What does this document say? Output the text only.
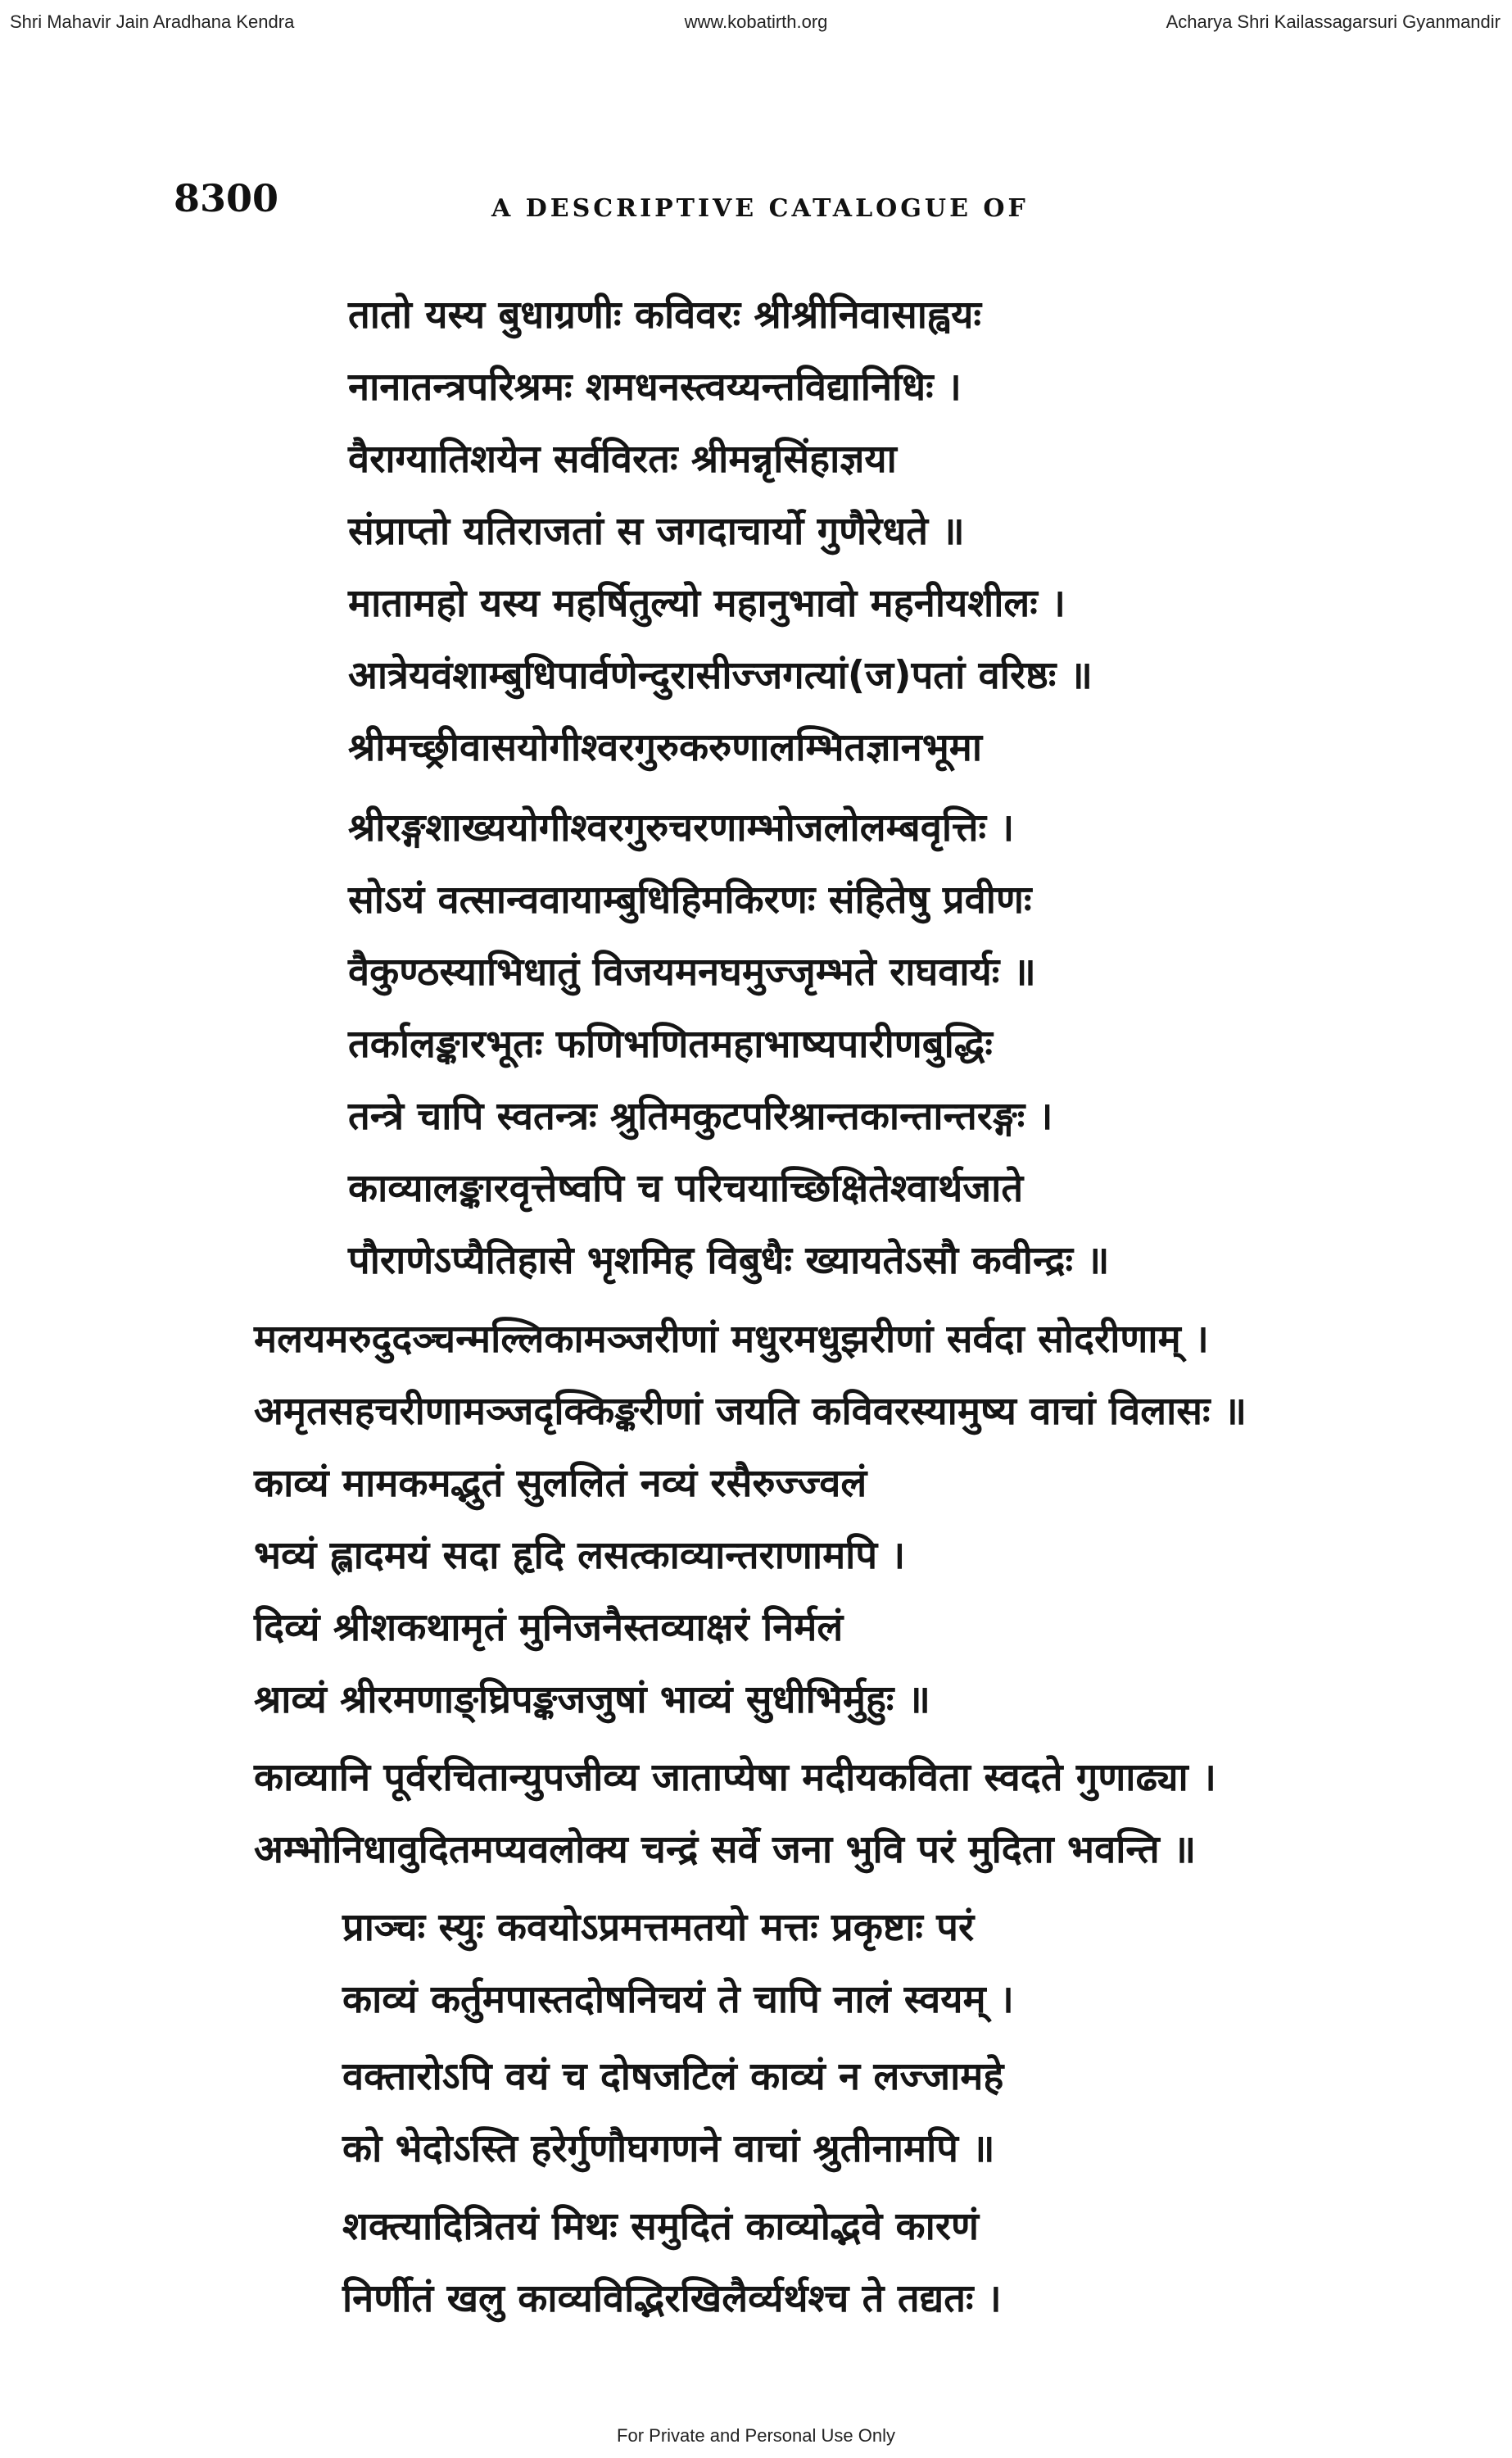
Shri Mahavir Jain Aradhana Kendra	www.kobatirth.org	Acharya Shri Kailassagarsuri Gyanmandir
8300	A DESCRIPTIVE CATALOGUE OF
तातो यस्य बुधाग्रणीः कविवरः श्रीश्रीनिवासाह्वयः
नानातन्त्रपरिश्रमः शमधनस्त्वय्यन्तविद्यानिधिः ।
वैराग्यातिशयेन सर्वविरतः श्रीमन्नृसिंहाज्ञया
संप्राप्तो यतिराजतां स जगदाचार्यो गुणैरेधते ॥
मातामहो यस्य महर्षितुल्यो महानुभावो महनीयशीलः ।
आत्रेयवंशाम्बुधिपार्वणेन्दुरासीज्जगत्यां(ज)पतां वरिष्ठः ॥
श्रीमच्छ्रीवासयोगीश्वरगुरुकरुणालम्भितज्ञानभूमा
श्रीरङ्गशाख्ययोगीश्वरगुरुचरणाम्भोजलोलम्बवृत्तिः ।
सोऽयं वत्सान्ववायाम्बुधिहिमकिरणः संहितेषु प्रवीणः
वैकुण्ठस्याभिधातुं विजयमनघमुज्जृम्भते राघवार्यः ॥
तर्कालङ्कारभूतः फणिभणितमहाभाष्यपारीणबुद्धिः
तन्त्रे चापि स्वतन्त्रः श्रुतिमकुटपरिश्रान्तकान्तान्तरङ्गः ।
काव्यालङ्कारवृत्तेष्वपि च परिचयाच्छिक्षितेश्वार्थजाते
पौराणेऽप्यैतिहासे भृशमिह विबुधैः ख्यायतेऽसौ कवीन्द्रः ॥
मलयमरुदुदञ्चन्मल्लिकामञ्जरीणां मधुरमधुझरीणां सर्वदा सोदरीणाम् ।
अमृतसहचरीणामञ्जदृक्किङ्करीणां जयति कविवरस्यामुष्य वाचां विलासः ॥
काव्यं मामकमद्भुतं सुललितं नव्यं रसैरुज्ज्वलं
भव्यं ह्लादमयं सदा हृदि लसत्काव्यान्तराणामपि ।
दिव्यं श्रीशकथामृतं मुनिजनैस्तव्याक्षरं निर्मलं
श्राव्यं श्रीरमणाङ्घ्रिपङ्कजजुषां भाव्यं सुधीभिर्मुहुः ॥
काव्यानि पूर्वरचितान्युपजीव्य जाताप्येषा मदीयकविता स्वदते गुणाढ्या ।
अम्भोनिधावुदितमप्यवलोक्य चन्द्रं सर्वे जना भुवि परं मुदिता भवन्ति ॥
प्राञ्चः स्युः कवयोऽप्रमत्तमतयो मत्तः प्रकृष्टाः परं
काव्यं कर्तुमपास्तदोषनिचयं ते चापि नालं स्वयम् ।
वक्तारोऽपि वयं च दोषजटिलं काव्यं न लज्जामहे
को भेदोऽस्ति हरेर्गुणौघगणने वाचां श्रुतीनामपि ॥
शक्त्यादित्रितयं मिथः समुदितं काव्योद्भवे कारणं
निर्णीतं खलु काव्यविद्भिरखिलैर्व्यर्थश्च ते तद्यतः ।
For Private and Personal Use Only
